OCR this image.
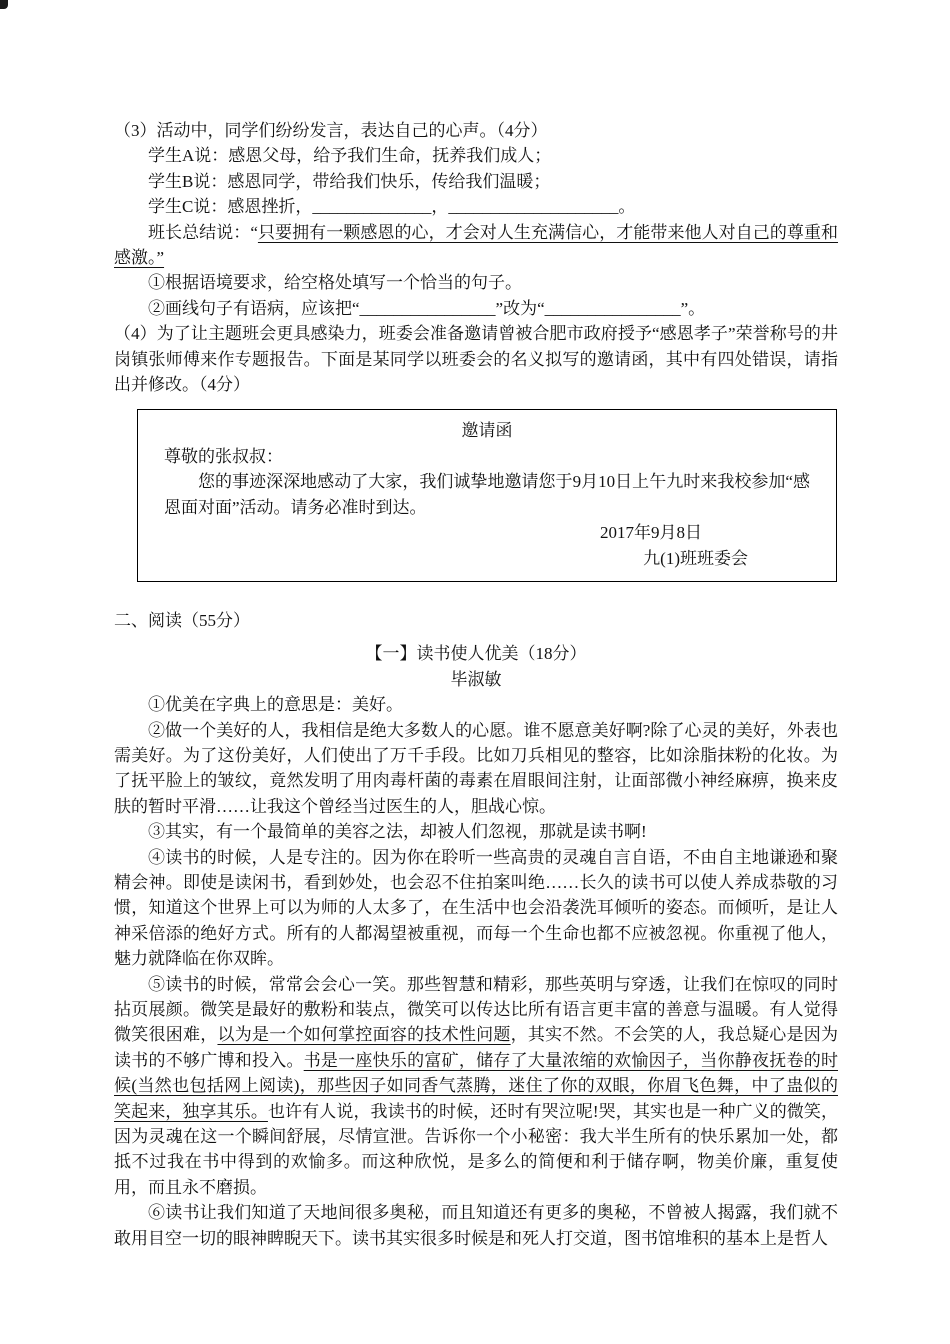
（3）活动中，同学们纷纷发言，表达自己的心声。（4分）

学生A说：感恩父母，给予我们生命，抚养我们成人；

学生B说：感恩同学，带给我们快乐，传给我们温暖；

学生C说：感恩挫折，______________，____________________。

班长总结说：“只要拥有一颗感恩的心，才会对人生充满信心，才能带来他人对自己的尊重和感激。”

①根据语境要求，给空格处填写一个恰当的句子。

②画线句子有语病，应该把“________________”改为“________________”。

（4）为了让主题班会更具感染力，班委会准备邀请曾被合肥市政府授予“感恩孝子”荣誉称号的井岗镇张师傅来作专题报告。下面是某同学以班委会的名义拟写的邀请函，其中有四处错误，请指出并修改。（4分）

邀请函

尊敬的张叔叔：

您的事迹深深地感动了大家，我们诚挚地邀请您于9月10日上午九时来我校参加“感恩面对面”活动。请务必准时到达。

2017年9月8日

九(1)班班委会

二、阅读（55分）

【一】读书使人优美（18分）

毕淑敏

①优美在字典上的意思是：美好。

②做一个美好的人，我相信是绝大多数人的心愿。谁不愿意美好啊?除了心灵的美好，外表也需美好。为了这份美好，人们使出了万千手段。比如刀兵相见的整容，比如涂脂抹粉的化妆。为了抚平脸上的皱纹，竟然发明了用肉毒杆菌的毒素在眉眼间注射，让面部微小神经麻痹，换来皮肤的暂时平滑……让我这个曾经当过医生的人，胆战心惊。

③其实，有一个最简单的美容之法，却被人们忽视，那就是读书啊!

④读书的时候，人是专注的。因为你在聆听一些高贵的灵魂自言自语，不由自主地谦逊和聚精会神。即使是读闲书，看到妙处，也会忍不住拍案叫绝……长久的读书可以使人养成恭敬的习惯，知道这个世界上可以为师的人太多了，在生活中也会沿袭洗耳倾听的姿态。而倾听，是让人神采倍添的绝好方式。所有的人都渴望被重视，而每一个生命也都不应被忽视。你重视了他人，魅力就降临在你双眸。

⑤读书的时候，常常会会心一笑。那些智慧和精彩，那些英明与穿透，让我们在惊叹的同时拈页展颜。微笑是最好的敷粉和装点，微笑可以传达比所有语言更丰富的善意与温暖。有人觉得微笑很困难，以为是一个如何掌控面容的技术性问题，其实不然。不会笑的人，我总疑心是因为读书的不够广博和投入。书是一座快乐的富矿，储存了大量浓缩的欢愉因子，当你静夜抚卷的时候(当然也包括网上阅读)，那些因子如同香气蒸腾，迷住了你的双眼，你眉飞色舞，中了蛊似的笑起来，独享其乐。也许有人说，我读书的时候，还时有哭泣呢!哭，其实也是一种广义的微笑，因为灵魂在这一个瞬间舒展，尽情宣泄。告诉你一个小秘密：我大半生所有的快乐累加一处，都抵不过我在书中得到的欢愉多。而这种欣悦，是多么的简便和利于储存啊，物美价廉，重复使用，而且永不磨损。

⑥读书让我们知道了天地间很多奥秘，而且知道还有更多的奥秘，不曾被人揭露，我们就不敢用目空一切的眼神睥睨天下。读书其实很多时候是和死人打交道，图书馆堆积的基本上是哲人
